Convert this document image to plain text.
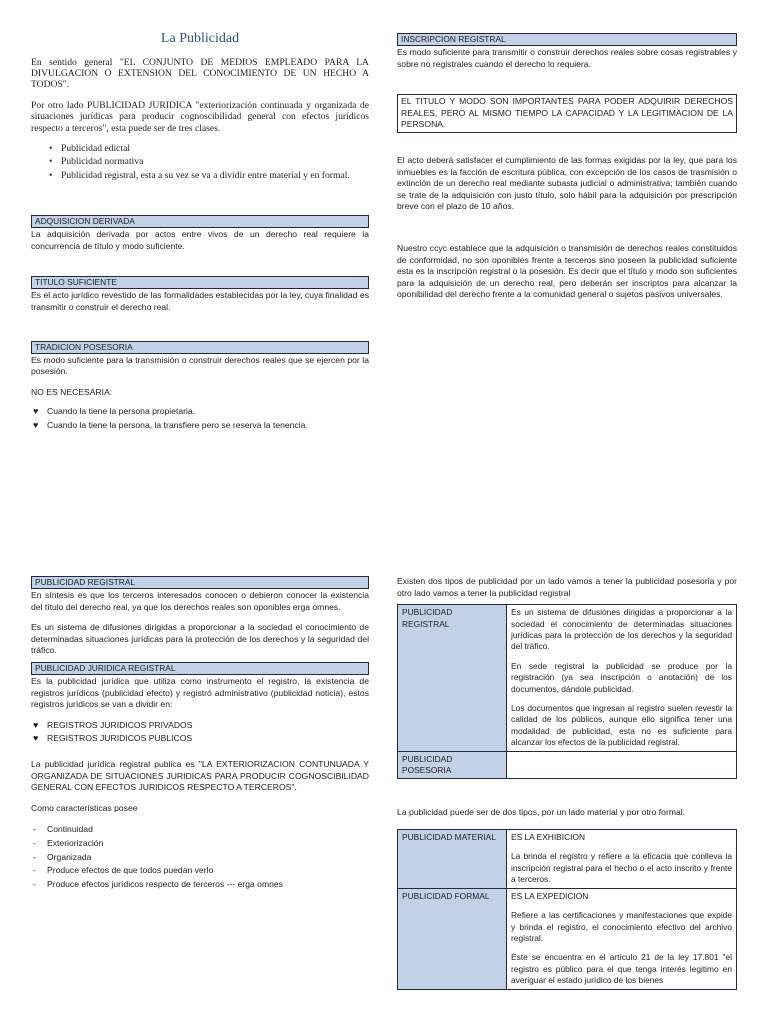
La Publicidad

En sentido general "EL CONJUNTO DE MEDIOS EMPLEADO PARA LA DIVULGACION O EXTENSION DEL CONOCIMIENTO DE UN HECHO A TODOS".

Por otro lado PUBLICIDAD JURIDICA "exteriorización continuada y organizada de situaciones jurídicas para producir cognoscibilidad general con efectos jurídicos respecto a terceros", esta puede ser de tres clases.

• Publicidad edictal
• Publicidad normativa
• Publicidad registral, esta a su vez se va a dividir entre material y en formal.
ADQUISICION DERIVADA

La adquisición derivada por actos entre vivos de un derecho real requiere la concurrencia de título y modo suficiente.

TITULO SUFICIENTE

Es el acto jurídico revestido de las formalidades establecidas por la ley, cuya finalidad es transmitir o construir el derecho real.

TRADICION POSESORIA

Es modo suficiente para la transmisión o construir derechos reales que se ejercen por la posesión.

NO ES NECESARIA:

♥ Cuando la tiene la persona propietaria.
♥ Cuando la tiene la persona, la transfiere pero se reserva la tenencia.
INSCRIPCION REGISTRAL

Es modo suficiente para transmitir o construir derechos reales sobre cosas registrables y sobre no registrales cuando el derecho lo requiera.

EL TITULO Y MODO SON IMPORTANTES PARA PODER ADQUIRIR DERECHOS REALES, PERO AL MISMO TIEMPO LA CAPACIDAD Y LA LEGITIMACION DE LA PERSONA.

El acto deberá satisfacer el cumplimiento de las formas exigidas por la ley, que para los inmuebles es la facción de escritura pública, con excepción de los casos de trasmisión o extinción de un derecho real mediante subasta judicial o administrativa; también cuando se trate de la adquisición con justo título, solo hábil para la adquisición por prescripción breve con el plazo de 10 años.

Nuestro ccyc establece que la adquisición o transmisión de derechos reales constituidos de conformidad, no son oponibles frente a terceros sino poseen la publicidad suficiente esta es la inscripción registral o la posesión. Es decir que el título y modo son suficientes para la adquisición de un derecho real, pero deberán ser inscriptos para alcanzar la oponibilidad del derecho frente a la comunidad general o sujetos pasivos universales.

PUBLICIDAD REGISTRAL

En síntesis es que los terceros interesados conocen o debieron conocer la existencia del título del derecho real, ya que los derechos reales son oponibles erga omnes.

Es un sistema de difusiones dirigidas a proporcionar a la sociedad el conocimiento de determinadas situaciones jurídicas para la protección de los derechos y la seguridad del tráfico.

PUBLICIDAD JURIDICA REGISTRAL

Es la publicidad jurídica que utiliza como instrumento el registro, la existencia de registros jurídicos (publicidad efecto) y registró administrativo (publicidad noticia), estos registros jurídicos se van a dividir en:

♥ REGISTROS JURIDICOS PRIVADOS
♥ REGISTROS JURIDICOS PUBLICOS

La publicidad jurídica registral publica es "LA EXTERIORIZACION CONTUNUADA Y ORGANIZADA DE SITUACIONES JURIDICAS PARA PRODUCIR COGNOSCIBILIDAD GENERAL CON EFECTOS JURIDICOS RESPECTO A TERCEROS".

Como características posee

- Continuidad
- Exteriorización
- Organizada
- Produce efectos de que todos puedan verlo
- Produce efectos jurídicos respecto de terceros --- erga omnes

Existen dos tipos de publicidad por un lado vamos a tener la publicidad posesoria y por otro lado vamos a tener la publicidad registral

PUBLICIDAD REGISTRAL	Es un sistema de difusiones dirigidas a proporcionar a la sociedad el conocimiento de determinadas situaciones jurídicas para la protección de los derechos y la seguridad del tráfico.

En sede registral la publicidad se produce por la registración (ya sea inscripción o anotación) de los documentos, dándole publicidad.

Los documentos que ingresan al registro suelen revestir la calidad de los públicos, aunque ello significa tener una modalidad de publicidad, esta no es suficiente para alcanzar los efectos de la publicidad registral.

PUBLICIDAD POSESORIA	

La publicidad puede ser de dos tipos, por un lado material y por otro formal.

PUBLICIDAD MATERIAL	ES LA EXHIBICION

La brinda el registro y refiere a la eficacia que conlleva la inscripción registral para el hecho o el acto inscrito y frente a terceros.

PUBLICIDAD FORMAL	ES LA EXPEDICION

Refiere a las certificaciones y manifestaciones que expide y brinda el registro, el conocimiento efectivo del archivo registral.

Este se encuentra en el artículo 21 de la ley 17.801 "el registro es público para el que tenga interés legitimo en averiguar el estado jurídico de los bienes
